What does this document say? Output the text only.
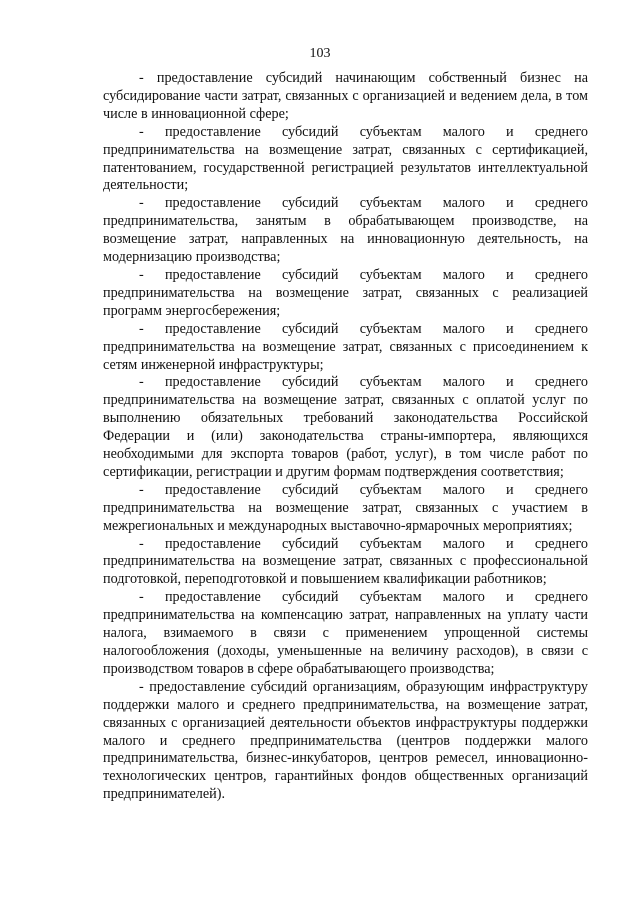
103

- предоставление субсидий начинающим собственный бизнес на субсидирование части затрат, связанных с организацией и ведением дела, в том числе в инновационной сфере;

- предоставление субсидий субъектам малого и среднего предпринимательства на возмещение затрат, связанных с сертификацией, патентованием, государственной регистрацией результатов интеллектуальной деятельности;

- предоставление субсидий субъектам малого и среднего предпринимательства, занятым в обрабатывающем производстве, на возмещение затрат, направленных на инновационную деятельность, на модернизацию производства;

- предоставление субсидий субъектам малого и среднего предпринимательства на возмещение затрат, связанных с реализацией программ энергосбережения;

- предоставление субсидий субъектам малого и среднего предпринимательства на возмещение затрат, связанных с присоединением к сетям инженерной инфраструктуры;

- предоставление субсидий субъектам малого и среднего предпринимательства на возмещение затрат, связанных с оплатой услуг по выполнению обязательных требований законодательства Российской Федерации и (или) законодательства страны-импортера, являющихся необходимыми для экспорта товаров (работ, услуг), в том числе работ по сертификации, регистрации и другим формам подтверждения соответствия;

- предоставление субсидий субъектам малого и среднего предпринимательства на возмещение затрат, связанных с участием в межрегиональных и международных выставочно-ярмарочных мероприятиях;

- предоставление субсидий субъектам малого и среднего предпринимательства на возмещение затрат, связанных с профессиональной подготовкой, переподготовкой и повышением квалификации работников;

- предоставление субсидий субъектам малого и среднего предпринимательства на компенсацию затрат, направленных на уплату части налога, взимаемого в связи с применением упрощенной системы налогообложения (доходы, уменьшенные на величину расходов), в связи с производством товаров в сфере обрабатывающего производства;

- предоставление субсидий организациям, образующим инфраструктуру поддержки малого и среднего предпринимательства, на возмещение затрат, связанных с организацией деятельности объектов инфраструктуры поддержки малого и среднего предпринимательства (центров поддержки малого предпринимательства, бизнес-инкубаторов, центров ремесел, инновационно-технологических центров, гарантийных фондов общественных организаций предпринимателей).
